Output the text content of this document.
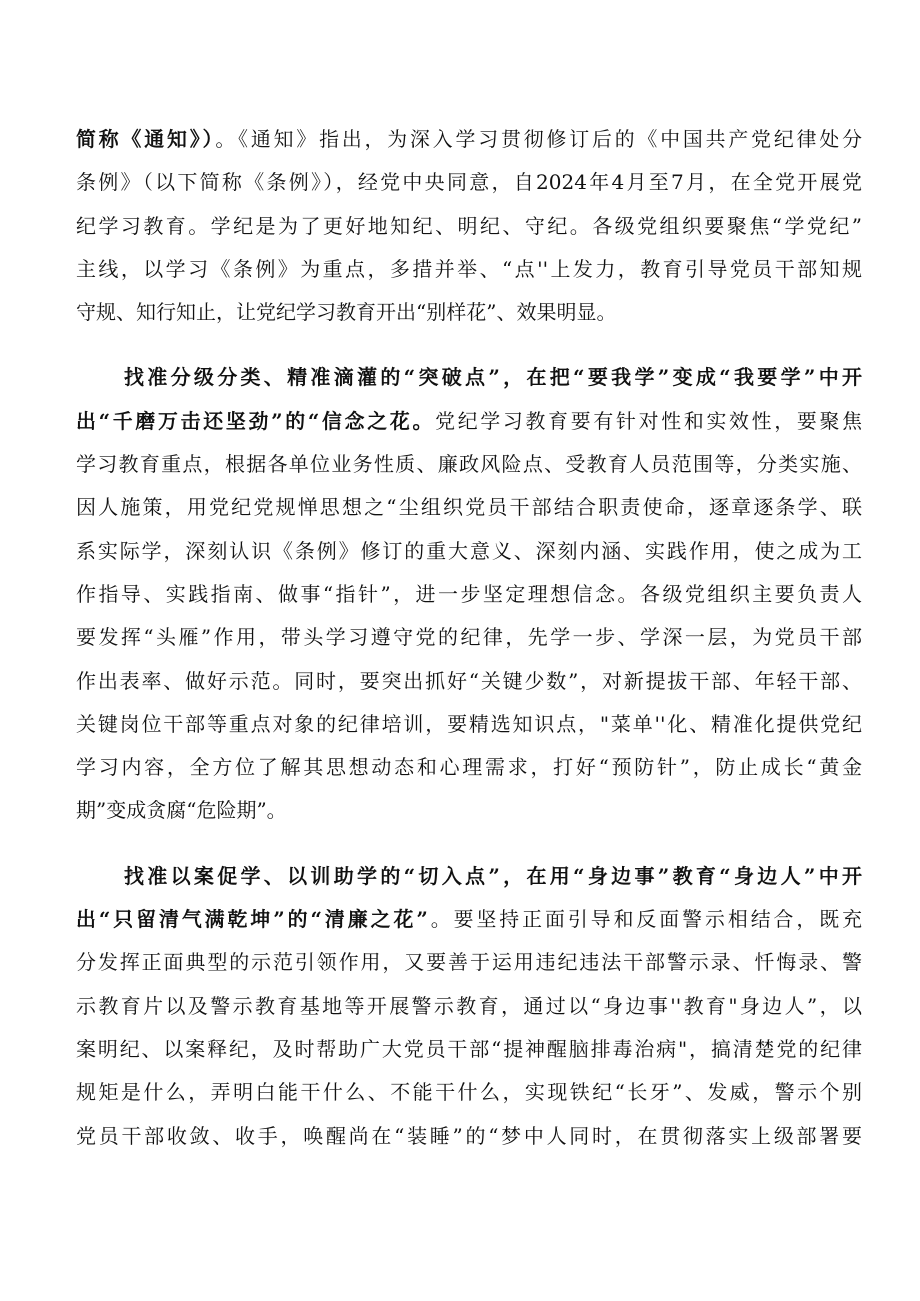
简称《通知》）。《通知》指出，为深入学习贯彻修订后的《中国共产党纪律处分
条例》（以下简称《条例》），经党中央同意，自2024年4月至7月，在全党开展党
纪学习教育。学纪是为了更好地知纪、明纪、守纪。各级党组织要聚焦“学党纪”
主线，以学习《条例》为重点，多措并举、“点''上发力，教育引导党员干部知规
守规、知行知止，让党纪学习教育开出“别样花”、效果明显。
找准分级分类、精准滴灌的“突破点”，在把“要我学”变成“我要学”中开
出“千磨万击还坚劲”的“信念之花。党纪学习教育要有针对性和实效性，要聚焦
学习教育重点，根据各单位业务性质、廉政风险点、受教育人员范围等，分类实施、
因人施策，用党纪党规惮思想之“尘组织党员干部结合职责使命，逐章逐条学、联
系实际学，深刻认识《条例》修订的重大意义、深刻内涵、实践作用，使之成为工
作指导、实践指南、做事“指针”，进一步坚定理想信念。各级党组织主要负责人
要发挥“头雁”作用，带头学习遵守党的纪律，先学一步、学深一层，为党员干部
作出表率、做好示范。同时，要突出抓好“关键少数”，对新提拔干部、年轻干部、
关键岗位干部等重点对象的纪律培训，要精选知识点，"菜单''化、精准化提供党纪
学习内容，全方位了解其思想动态和心理需求，打好“预防针”，防止成长“黄金
期”变成贪腐“危险期”。
找准以案促学、以训助学的“切入点”，在用“身边事”教育“身边人”中开
出“只留清气满乾坤”的“清廉之花”。要坚持正面引导和反面警示相结合，既充
分发挥正面典型的示范引领作用，又要善于运用违纪违法干部警示录、忏悔录、警
示教育片以及警示教育基地等开展警示教育，通过以“身边事''教育"身边人”，以
案明纪、以案释纪，及时帮助广大党员干部“提神醒脑排毒治病"，搞清楚党的纪律
规矩是什么，弄明白能干什么、不能干什么，实现铁纪“长牙”、发威，警示个别
党员干部收敛、收手，唤醒尚在“装睡”的“梦中人同时，在贯彻落实上级部署要
